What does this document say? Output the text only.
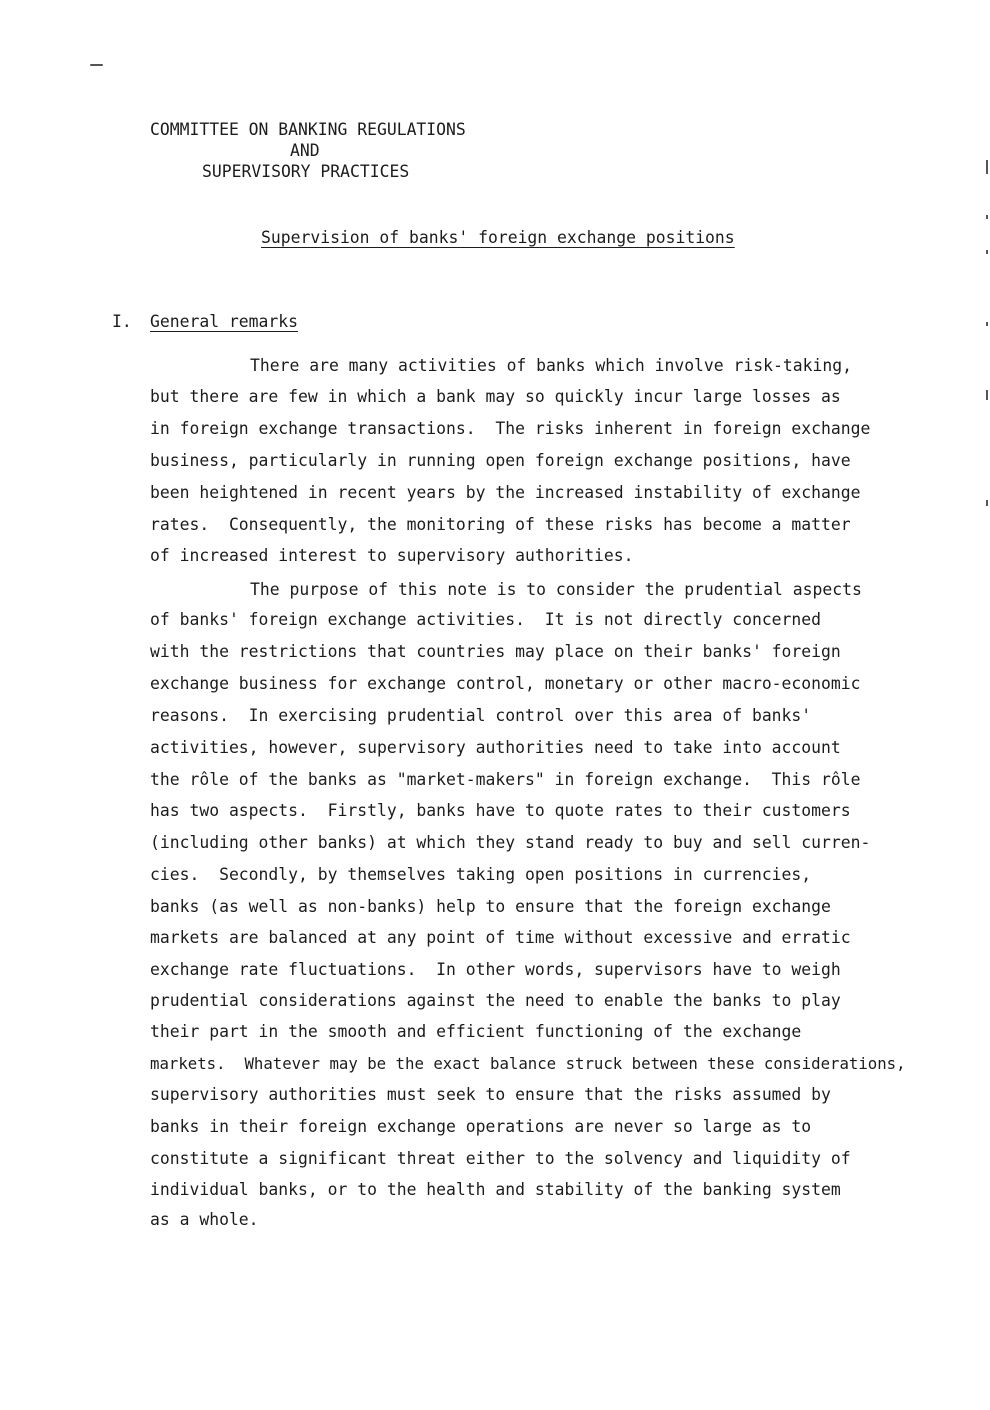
COMMITTEE ON BANKING REGULATIONS
AND
SUPERVISORY PRACTICES
Supervision of banks' foreign exchange positions
I. General remarks
There are many activities of banks which involve risk-taking,
but there are few in which a bank may so quickly incur large losses as
in foreign exchange transactions.  The risks inherent in foreign exchange
business, particularly in running open foreign exchange positions, have
been heightened in recent years by the increased instability of exchange
rates.  Consequently, the monitoring of these risks has become a matter
of increased interest to supervisory authorities.
The purpose of this note is to consider the prudential aspects
of banks' foreign exchange activities.  It is not directly concerned
with the restrictions that countries may place on their banks' foreign
exchange business for exchange control, monetary or other macro-economic
reasons.  In exercising prudential control over this area of banks'
activities, however, supervisory authorities need to take into account
the rôle of the banks as "market-makers" in foreign exchange.  This rôle
has two aspects.  Firstly, banks have to quote rates to their customers
(including other banks) at which they stand ready to buy and sell curren-
cies.  Secondly, by themselves taking open positions in currencies,
banks (as well as non-banks) help to ensure that the foreign exchange
markets are balanced at any point of time without excessive and erratic
exchange rate fluctuations.  In other words, supervisors have to weigh
prudential considerations against the need to enable the banks to play
their part in the smooth and efficient functioning of the exchange
markets.  Whatever may be the exact balance struck between these considerations,
supervisory authorities must seek to ensure that the risks assumed by
banks in their foreign exchange operations are never so large as to
constitute a significant threat either to the solvency and liquidity of
individual banks, or to the health and stability of the banking system
as a whole.
